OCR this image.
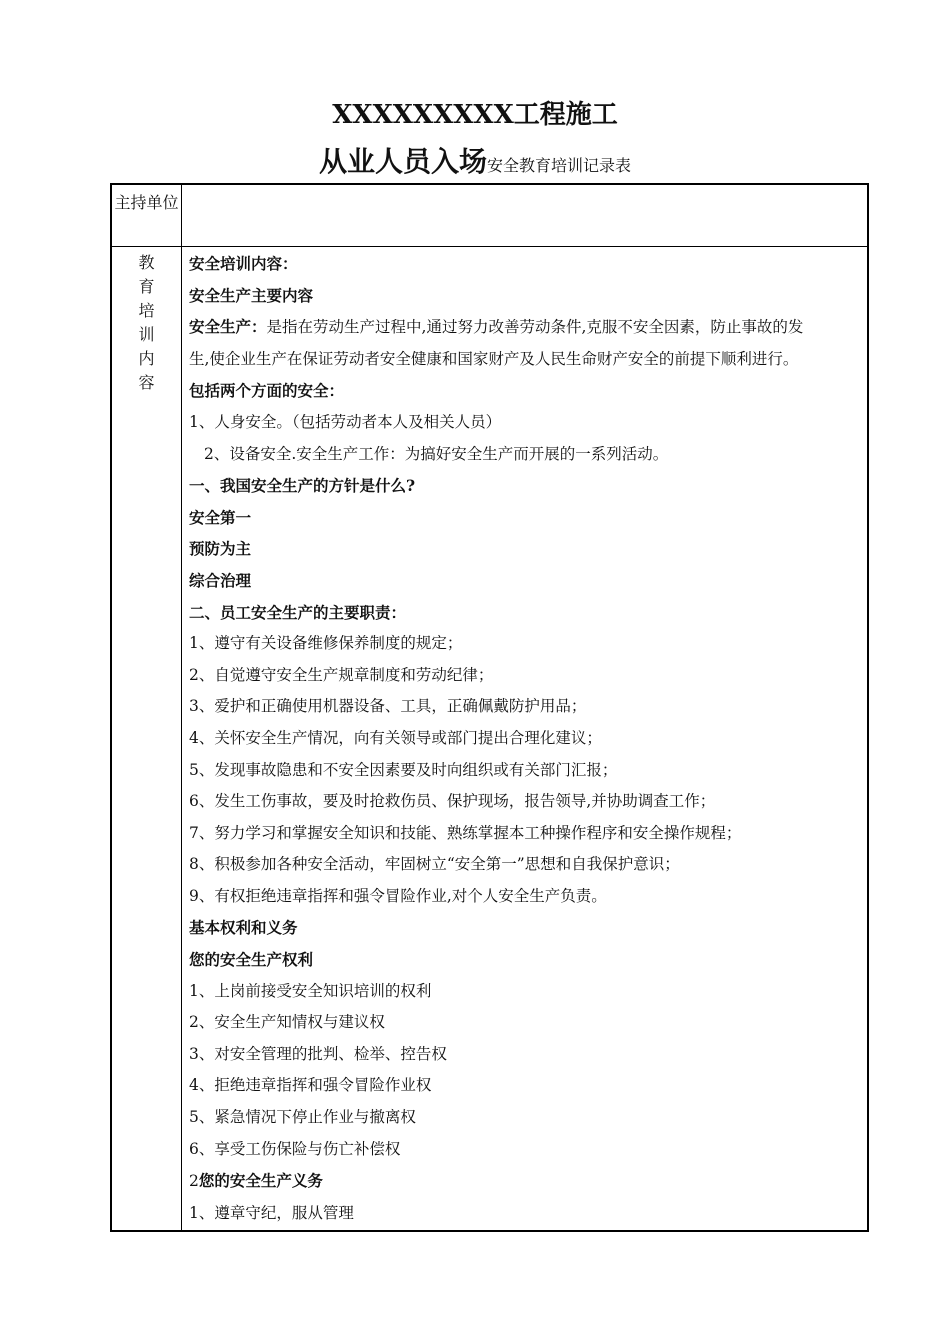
XXXXXXXXX工程施工
从业人员入场安全教育培训记录表
主持单位
教
育
培
训
内
容
安全培训内容：
安全生产主要内容
安全生产：是指在劳动生产过程中,通过努力改善劳动条件,克服不安全因素，防止事故的发
生,使企业生产在保证劳动者安全健康和国家财产及人民生命财产安全的前提下顺利进行。
包括两个方面的安全：
1、人身安全。（包括劳动者本人及相关人员）
2、设备安全.安全生产工作：为搞好安全生产而开展的一系列活动。
一、我国安全生产的方针是什么?
安全第一
预防为主
综合治理
二、员工安全生产的主要职责：
1、遵守有关设备维修保养制度的规定；
2、自觉遵守安全生产规章制度和劳动纪律；
3、爱护和正确使用机器设备、工具，正确佩戴防护用品；
4、关怀安全生产情况，向有关领导或部门提出合理化建议；
5、发现事故隐患和不安全因素要及时向组织或有关部门汇报；
6、发生工伤事故，要及时抢救伤员、保护现场，报告领导,并协助调查工作；
7、努力学习和掌握安全知识和技能、熟练掌握本工种操作程序和安全操作规程；
8、积极参加各种安全活动，牢固树立“安全第一”思想和自我保护意识；
9、有权拒绝违章指挥和强令冒险作业,对个人安全生产负责。
基本权利和义务
您的安全生产权利
1、上岗前接受安全知识培训的权利
2、安全生产知情权与建议权
3、对安全管理的批判、检举、控告权
4、拒绝违章指挥和强令冒险作业权
5、紧急情况下停止作业与撤离权
6、享受工伤保险与伤亡补偿权
2您的安全生产义务
1、遵章守纪，服从管理
